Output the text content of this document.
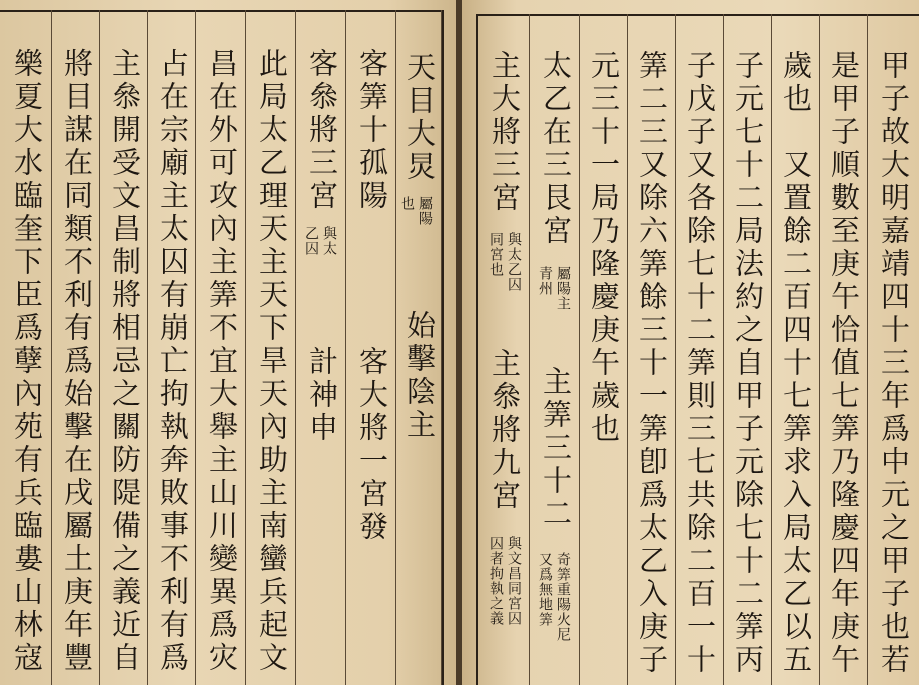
天目大炅
屬陽
也
始擊陰主
客筭十孤陽
客大將一宮發
客叅將三宮
與太
乙囚
計神申
此局太乙理天主天下旱天內助主南蠻兵起文
昌在外可攻內主筭不宜大舉主山川變異爲灾
占在宗廟主太囚有崩亡拘執奔敗事不利有爲
主叅開受文昌制將相忌之關防隄備之義近自
將目謀在同類不利有爲始擊在戌屬土庚年豐
樂夏大水臨奎下臣爲孽內苑有兵臨婁山林寇	甲子故大明嘉靖四十三年爲中元之甲子也若
是甲子順數至庚午恰值七筭乃隆慶四年庚午
歲也　又置餘二百四十七筭求入局太乙以五
子元七十二局法約之自甲子元除七十二筭丙
子戊子又各除七十二筭則三七共除二百一十
筭二三又除六筭餘三十一筭卽爲太乙入庚子
元三十一局乃隆慶庚午歲也
太乙在三艮宮
屬陽主
青州
主筭三十二
奇筭重陽火尼
又爲無地筭
主大將三宮
與太乙囚
同宮也
主叅將九宮
與文昌同宮囚
囚者拘執之義
